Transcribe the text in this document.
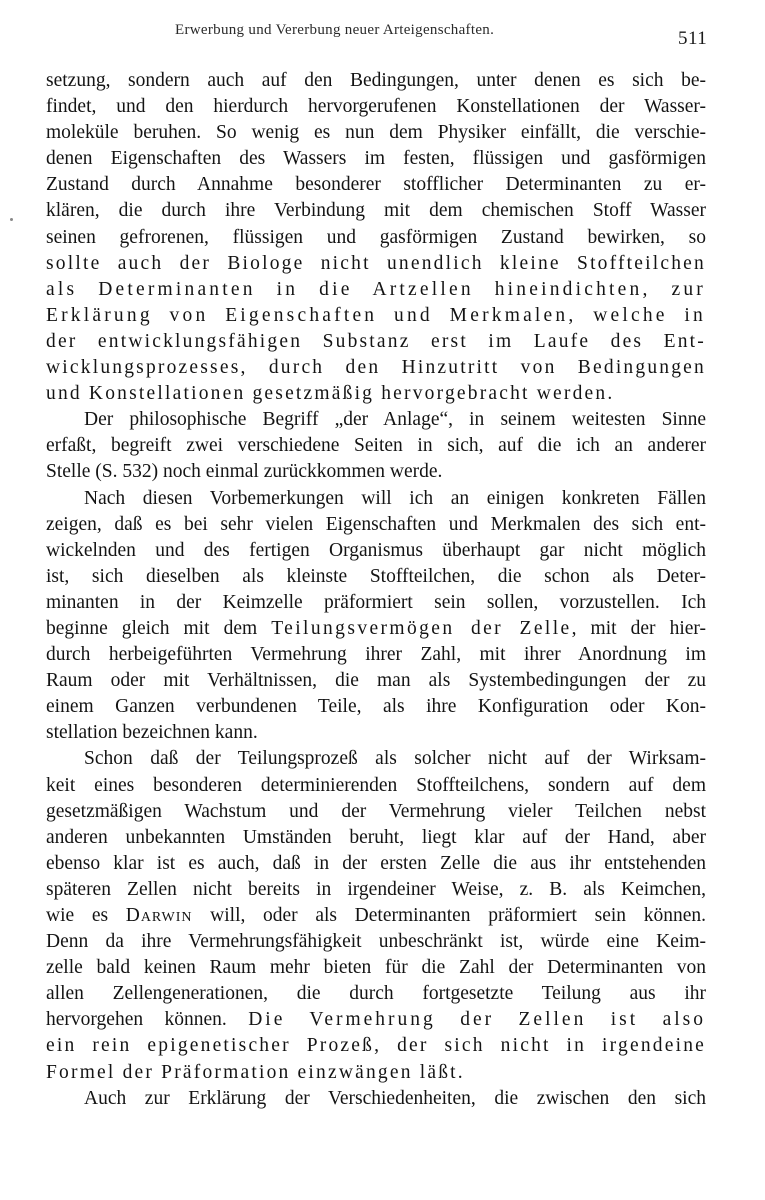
Erwerbung und Vererbung neuer Arteigenschaften.	511
setzung, sondern auch auf den Bedingungen, unter denen es sich be-
findet, und den hierdurch hervorgerufenen Konstellationen der Wasser-
moleküle beruhen. So wenig es nun dem Physiker einfällt, die verschie-
denen Eigenschaften des Wassers im festen, flüssigen und gasförmigen
Zustand durch Annahme besonderer stofflicher Determinanten zu er-
klären, die durch ihre Verbindung mit dem chemischen Stoff Wasser
seinen gefrorenen, flüssigen und gasförmigen Zustand bewirken, so
sollte auch der Biologe nicht unendlich kleine Stoffteilchen
als Determinanten in die Artzellen hineindichten, zur
Erklärung von Eigenschaften und Merkmalen, welche in
der entwicklungsfähigen Substanz erst im Laufe des Ent-
wicklungsprozesses, durch den Hinzutritt von Bedingungen
und Konstellationen gesetzmäßig hervorgebracht werden.
Der philosophische Begriff „der Anlage“, in seinem weitesten Sinne
erfaßt, begreift zwei verschiedene Seiten in sich, auf die ich an anderer
Stelle (S. 532) noch einmal zurückkommen werde.
Nach diesen Vorbemerkungen will ich an einigen konkreten Fällen
zeigen, daß es bei sehr vielen Eigenschaften und Merkmalen des sich ent-
wickelnden und des fertigen Organismus überhaupt gar nicht möglich
ist, sich dieselben als kleinste Stoffteilchen, die schon als Deter-
minanten in der Keimzelle präformiert sein sollen, vorzustellen. Ich
beginne gleich mit dem Teilungsvermögen der Zelle, mit der hier-
durch herbeigeführten Vermehrung ihrer Zahl, mit ihrer Anordnung im
Raum oder mit Verhältnissen, die man als Systembedingungen der zu
einem Ganzen verbundenen Teile, als ihre Konfiguration oder Kon-
stellation bezeichnen kann.
Schon daß der Teilungsprozeß als solcher nicht auf der Wirksam-
keit eines besonderen determinierenden Stoffteilchens, sondern auf dem
gesetzmäßigen Wachstum und der Vermehrung vieler Teilchen nebst
anderen unbekannten Umständen beruht, liegt klar auf der Hand, aber
ebenso klar ist es auch, daß in der ersten Zelle die aus ihr entstehenden
späteren Zellen nicht bereits in irgendeiner Weise, z. B. als Keimchen,
wie es Darwin will, oder als Determinanten präformiert sein können.
Denn da ihre Vermehrungsfähigkeit unbeschränkt ist, würde eine Keim-
zelle bald keinen Raum mehr bieten für die Zahl der Determinanten von
allen Zellengenerationen, die durch fortgesetzte Teilung aus ihr
hervorgehen können. Die Vermehrung der Zellen ist also
ein rein epigenetischer Prozeß, der sich nicht in irgendeine
Formel der Präformation einzwängen läßt.
Auch zur Erklärung der Verschiedenheiten, die zwischen den sich
